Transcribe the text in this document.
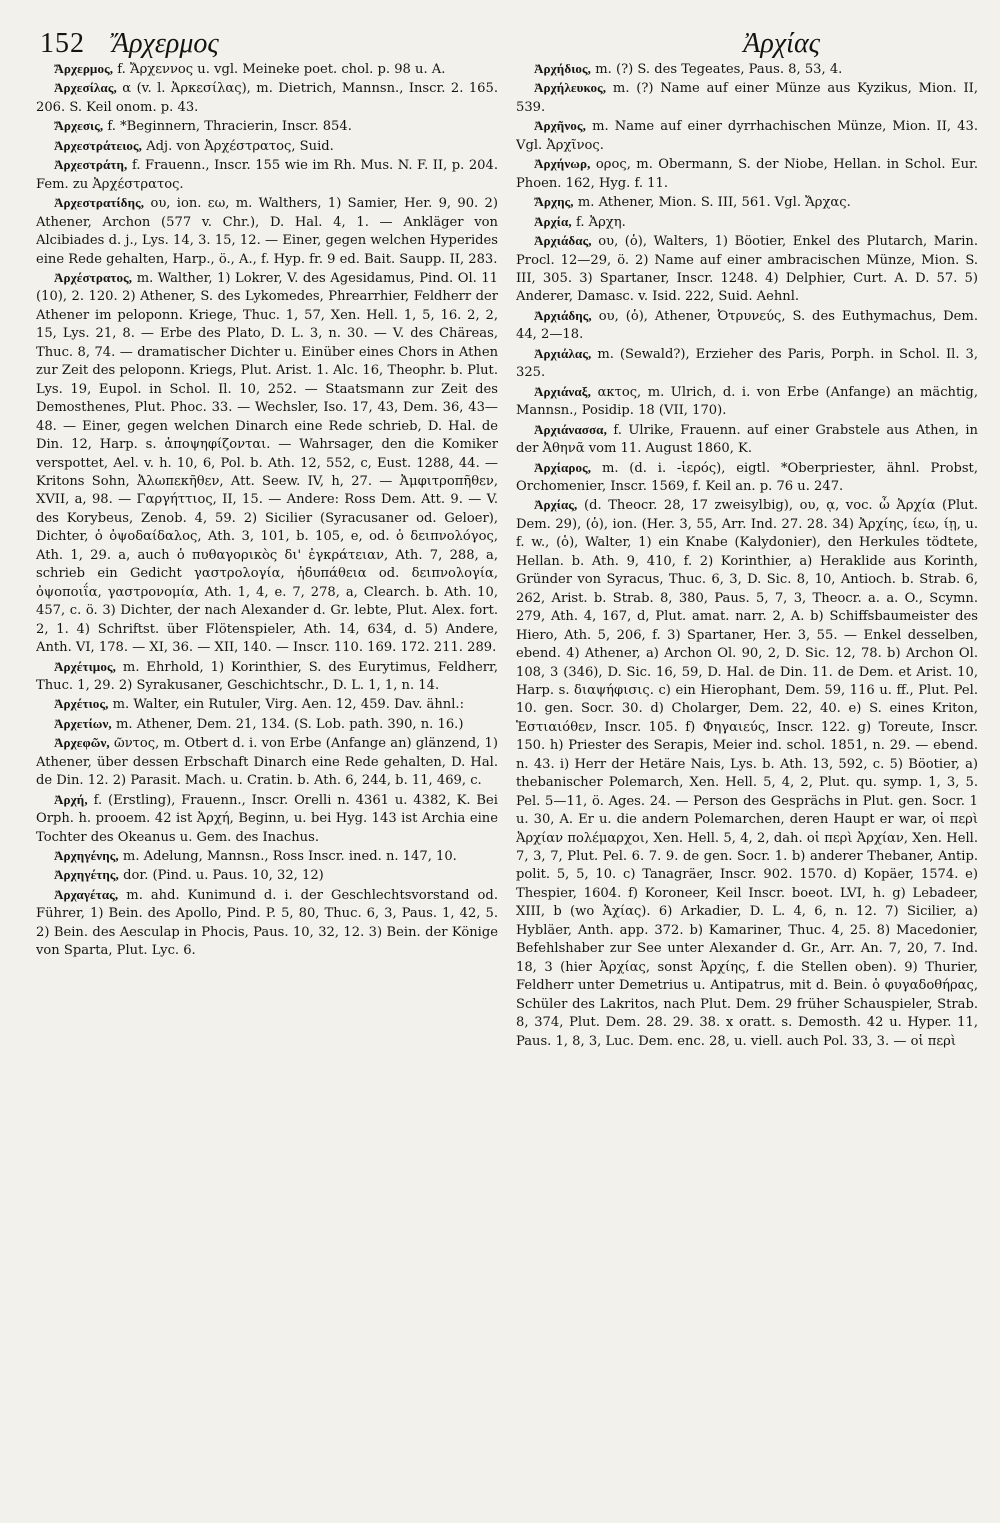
152 Ἄρχερμος	Ἀρχίας

Ἄρχερμος, f. Ἄρχεννος u. vgl. Meineke poet. chol. p. 98 u. A.

Ἀρχεσίλας, α (v. l. Ἀρκεσίλας), m. Dietrich, Mannsn., Inscr. 2. 165. 206. S. Keil onom. p. 43.

Ἄρχεσις, f. *Beginnern, Thracierin, Inscr. 854.

Ἀρχεστράτειος, Adj. von Ἀρχέστρατος, Suid.

Ἀρχεστράτη, f. Frauenn., Inscr. 155 wie im Rh. Mus. N. F. II, p. 204. Fem. zu Ἀρχέστρατος.

Ἀρχεστρατίδης, ου, ion. εω, m. Walthers, 1) Samier, Her. 9, 90. 2) Athener, Archon (577 v. Chr.), D. Hal. 4, 1. — Ankläger von Alcibiades d. j., Lys. 14, 3. 15, 12. — Einer, gegen welchen Hyperides eine Rede gehalten, Harp., ö., A., f. Hyp. fr. 9 ed. Bait. Saupp. II, 283.

Ἀρχέστρατος, m. Walther, 1) Lokrer, V. des Agesidamus, Pind. Ol. 11 (10), 2. 120. 2) Athener, S. des Lykomedes, Phrearrhier, Feldherr der Athener im peloponn. Kriege, Thuc. 1, 57, Xen. Hell. 1, 5, 16. 2, 2, 15, Lys. 21, 8. — Erbe des Plato, D. L. 3, n. 30. — V. des Chäreas, Thuc. 8, 74. — dramatischer Dichter u. Einüber eines Chors in Athen zur Zeit des peloponn. Kriegs, Plut. Arist. 1. Alc. 16, Theophr. b. Plut. Lys. 19, Eupol. in Schol. Il. 10, 252. — Staatsmann zur Zeit des Demosthenes, Plut. Phoc. 33. — Wechsler, Iso. 17, 43, Dem. 36, 43—48. — Einer, gegen welchen Dinarch eine Rede schrieb, D. Hal. de Din. 12, Harp. s. ἀποψηφίζονται. — Wahrsager, den die Komiker verspottet, Ael. v. h. 10, 6, Pol. b. Ath. 12, 552, c, Eust. 1288, 44. — Kritons Sohn, Ἀλωπεκῆθεν, Att. Seew. IV, h, 27. — Ἀμφιτροπῆθεν, XVII, a, 98. — Γαργήττιος, II, 15. — Andere: Ross Dem. Att. 9. — V. des Korybeus, Zenob. 4, 59. 2) Sicilier (Syracusaner od. Geloer), Dichter, ὁ ὀψοδαίδαλος, Ath. 3, 101, b. 105, e, od. ὁ δειπνολόγος, Ath. 1, 29. a, auch ὁ πυθαγορικὸς δι' ἐγκράτειαν, Ath. 7, 288, a, schrieb ein Gedicht γαστρολογία, ἡδυπάθεια od. δειπνολογία, ὀψοποιΐα, γαστρονομία, Ath. 1, 4, e. 7, 278, a, Clearch. b. Ath. 10, 457, c. ö. 3) Dichter, der nach Alexander d. Gr. lebte, Plut. Alex. fort. 2, 1. 4) Schriftst. über Flötenspieler, Ath. 14, 634, d. 5) Andere, Anth. VI, 178. — XI, 36. — XII, 140. — Inscr. 110. 169. 172. 211. 289.

Ἀρχέτιμος, m. Ehrhold, 1) Korinthier, S. des Eurytimus, Feldherr, Thuc. 1, 29. 2) Syrakusaner, Geschichtschr., D. L. 1, 1, n. 14.

Ἀρχέτιος, m. Walter, ein Rutuler, Virg. Aen. 12, 459. Dav. ähnl.:

Ἀρχετίων, m. Athener, Dem. 21, 134. (S. Lob. path. 390, n. 16.)

Ἀρχεφῶν, ῶντος, m. Otbert d. i. von Erbe (Anfange an) glänzend, 1) Athener, über dessen Erbschaft Dinarch eine Rede gehalten, D. Hal. de Din. 12. 2) Parasit. Mach. u. Cratin. b. Ath. 6, 244, b. 11, 469, c.

Ἀρχή, f. (Erstling), Frauenn., Inscr. Orelli n. 4361 u. 4382, K. Bei Orph. h. prooem. 42 ist Ἀρχή, Beginn, u. bei Hyg. 143 ist Archia eine Tochter des Okeanus u. Gem. des Inachus.

Ἀρχηγένης, m. Adelung, Mannsn., Ross Inscr. ined. n. 147, 10.

Ἀρχηγέτης, dor. (Pind. u. Paus. 10, 32, 12)

Ἀρχαγέτας, m. ahd. Kunimund d. i. der Geschlechtsvorstand od. Führer, 1) Bein. des Apollo, Pind. P. 5, 80, Thuc. 6, 3, Paus. 1, 42, 5. 2) Bein. des Aesculap in Phocis, Paus. 10, 32, 12. 3) Bein. der Könige von Sparta, Plut. Lyc. 6.

Ἀρχήδιος, m. (?) S. des Tegeates, Paus. 8, 53, 4.

Ἀρχήλευκος, m. (?) Name auf einer Münze aus Kyzikus, Mion. II, 539.

Ἀρχῆνος, m. Name auf einer dyrrhachischen Münze, Mion. II, 43. Vgl. Ἀρχῖνος.

Ἀρχήνωρ, ορος, m. Obermann, S. der Niobe, Hellan. in Schol. Eur. Phoen. 162, Hyg. f. 11.

Ἄρχης, m. Athener, Mion. S. III, 561. Vgl. Ἄρχας.

Ἀρχία, f. Ἀρχη.

Ἀρχιάδας, ου, (ὁ), Walters, 1) Böotier, Enkel des Plutarch, Marin. Procl. 12—29, ö. 2) Name auf einer ambracischen Münze, Mion. S. III, 305. 3) Spartaner, Inscr. 1248. 4) Delphier, Curt. A. D. 57. 5) Anderer, Damasc. v. Isid. 222, Suid. Aehnl.

Ἀρχιάδης, ου, (ὁ), Athener, Ὀτρυνεύς, S. des Euthymachus, Dem. 44, 2—18.

Ἀρχιάλας, m. (Sewald?), Erzieher des Paris, Porph. in Schol. Il. 3, 325.

Ἀρχιάναξ, ακτος, m. Ulrich, d. i. von Erbe (Anfange) an mächtig, Mannsn., Posidip. 18 (VII, 170).

Ἀρχιάνασσα, f. Ulrike, Frauenn. auf einer Grabstele aus Athen, in der Ἀθηνᾶ vom 11. August 1860, K.

Ἀρχίαρος, m. (d. i. -ἱερός), eigtl. *Oberpriester, ähnl. Probst, Orchomenier, Inscr. 1569, f. Keil an. p. 76 u. 247.

Ἀρχίας, (d. Theocr. 28, 17 zweisylbig), ου, ᾳ, voc. ὦ Ἀρχία (Plut. Dem. 29), (ὁ), ion. (Her. 3, 55, Arr. Ind. 27. 28. 34) Ἀρχίης, ίεω, ίῃ, u. f. w., (ὁ), Walter, 1) ein Knabe (Kalydonier), den Herkules tödtete, Hellan. b. Ath. 9, 410, f. 2) Korinthier, a) Heraklide aus Korinth, Gründer von Syracus, Thuc. 6, 3, D. Sic. 8, 10, Antioch. b. Strab. 6, 262, Arist. b. Strab. 8, 380, Paus. 5, 7, 3, Theocr. a. a. O., Scymn. 279, Ath. 4, 167, d, Plut. amat. narr. 2, A. b) Schiffsbaumeister des Hiero, Ath. 5, 206, f. 3) Spartaner, Her. 3, 55. — Enkel desselben, ebend. 4) Athener, a) Archon Ol. 90, 2, D. Sic. 12, 78. b) Archon Ol. 108, 3 (346), D. Sic. 16, 59, D. Hal. de Din. 11. de Dem. et Arist. 10, Harp. s. διαψήφισις. c) ein Hierophant, Dem. 59, 116 u. ff., Plut. Pel. 10. gen. Socr. 30. d) Cholarger, Dem. 22, 40. e) S. eines Kriton, Ἑστιαιόθεν, Inscr. 105. f) Φηγαιεύς, Inscr. 122. g) Toreute, Inscr. 150. h) Priester des Serapis, Meier ind. schol. 1851, n. 29. — ebend. n. 43. i) Herr der Hetäre Nais, Lys. b. Ath. 13, 592, c. 5) Böotier, a) thebanischer Polemarch, Xen. Hell. 5, 4, 2, Plut. qu. symp. 1, 3, 5. Pel. 5—11, ö. Ages. 24. — Person des Gesprächs in Plut. gen. Socr. 1 u. 30, A. Er u. die andern Polemarchen, deren Haupt er war, οἱ περὶ Ἀρχίαν πολέμαρχοι, Xen. Hell. 5, 4, 2, dah. οἱ περὶ Ἀρχίαν, Xen. Hell. 7, 3, 7, Plut. Pel. 6. 7. 9. de gen. Socr. 1. b) anderer Thebaner, Antip. polit. 5, 5, 10. c) Tanagräer, Inscr. 902. 1570. d) Kopäer, 1574. e) Thespier, 1604. f) Koroneer, Keil Inscr. boeot. LVI, h. g) Lebadeer, XIII, b (wo Ἀχίας). 6) Arkadier, D. L. 4, 6, n. 12. 7) Sicilier, a) Hybläer, Anth. app. 372. b) Kamariner, Thuc. 4, 25. 8) Macedonier, Befehlshaber zur See unter Alexander d. Gr., Arr. An. 7, 20, 7. Ind. 18, 3 (hier Ἀρχίας, sonst Ἀρχίης, f. die Stellen oben). 9) Thurier, Feldherr unter Demetrius u. Antipatrus, mit d. Bein. ὁ φυγαδοθήρας, Schüler des Lakritos, nach Plut. Dem. 29 früher Schauspieler, Strab. 8, 374, Plut. Dem. 28. 29. 38. x oratt. s. Demosth. 42 u. Hyper. 11, Paus. 1, 8, 3, Luc. Dem. enc. 28, u. viell. auch Pol. 33, 3. — οἱ περὶ
